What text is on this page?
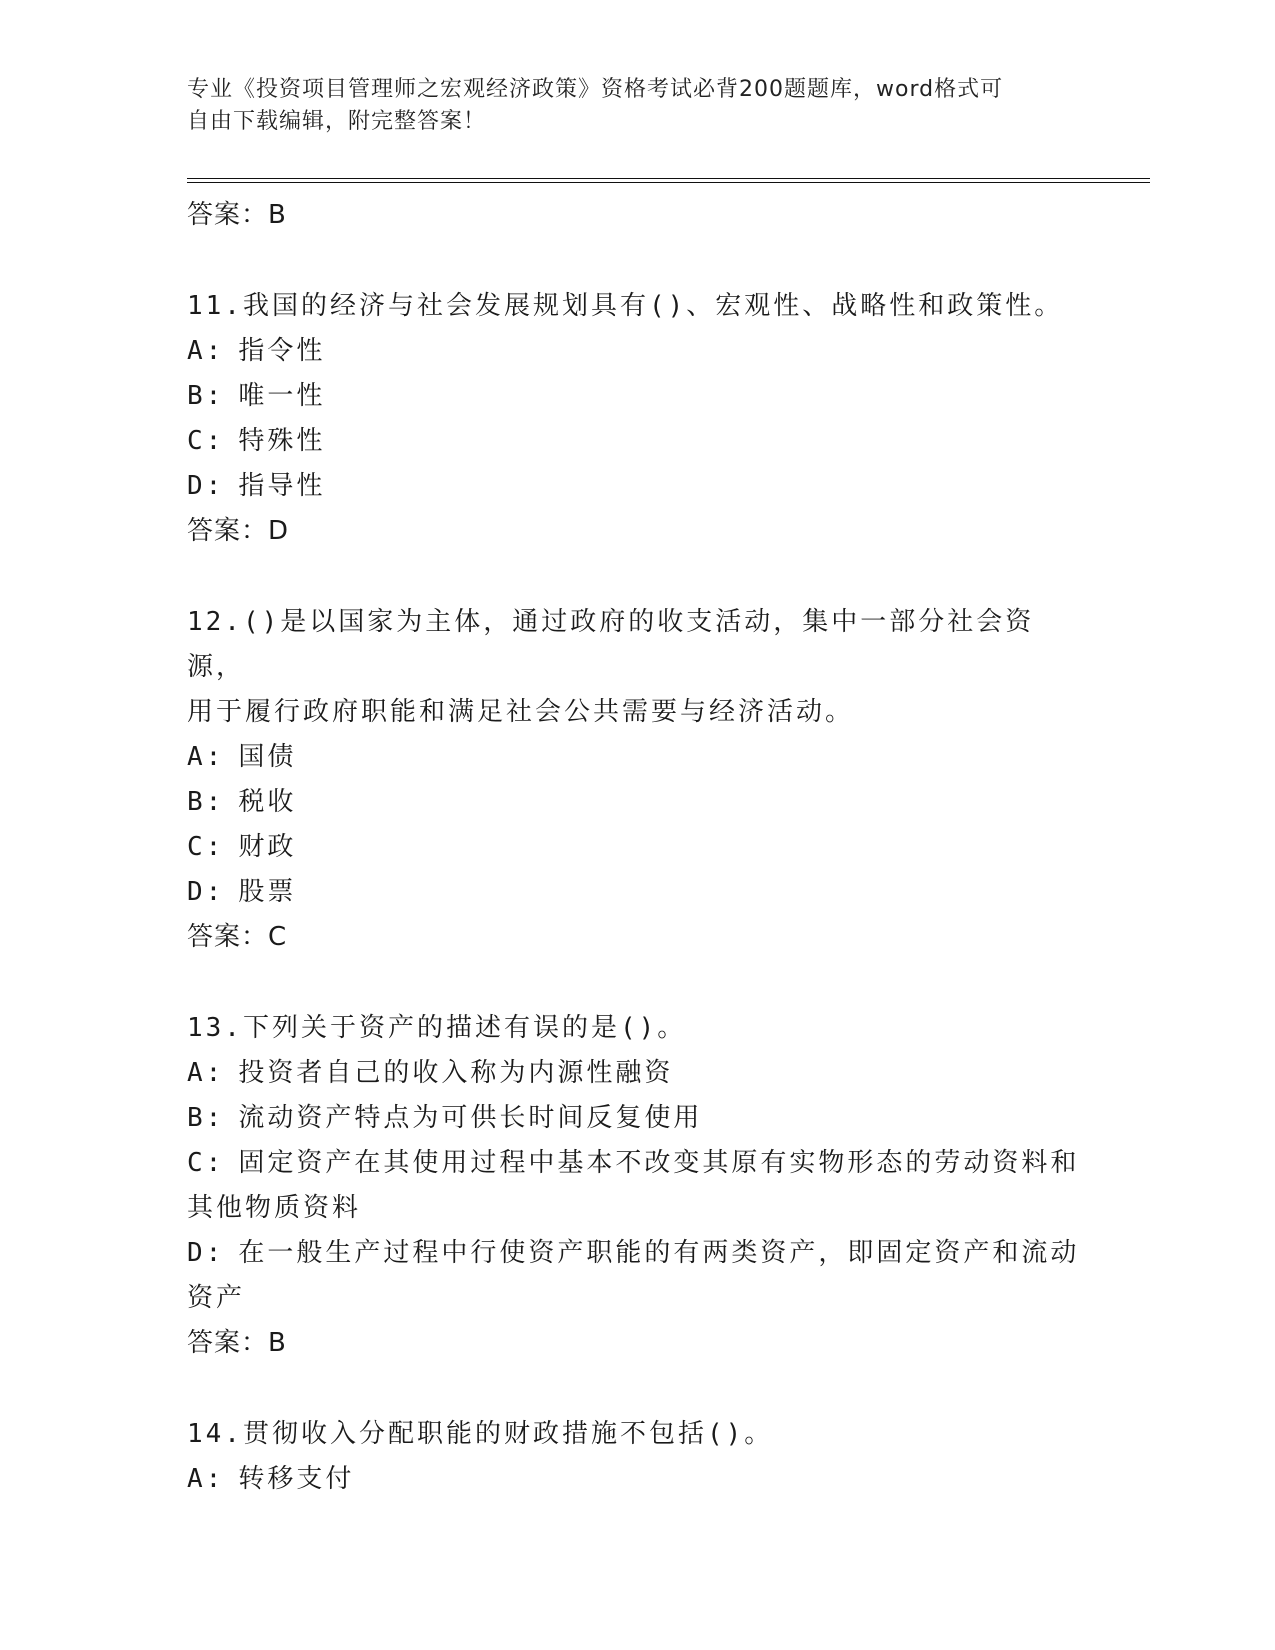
专业《投资项目管理师之宏观经济政策》资格考试必背200题题库，word格式可
自由下载编辑，附完整答案！
答案：B
11.我国的经济与社会发展规划具有()、宏观性、战略性和政策性。
A: 指令性
B: 唯一性
C: 特殊性
D: 指导性
答案：D
12.()是以国家为主体，通过政府的收支活动，集中一部分社会资源，
用于履行政府职能和满足社会公共需要与经济活动。
A: 国债
B: 税收
C: 财政
D: 股票
答案：C
13.下列关于资产的描述有误的是()。
A: 投资者自己的收入称为内源性融资
B: 流动资产特点为可供长时间反复使用
C: 固定资产在其使用过程中基本不改变其原有实物形态的劳动资料和
其他物质资料
D: 在一般生产过程中行使资产职能的有两类资产，即固定资产和流动
资产
答案：B
14.贯彻收入分配职能的财政措施不包括()。
A: 转移支付
